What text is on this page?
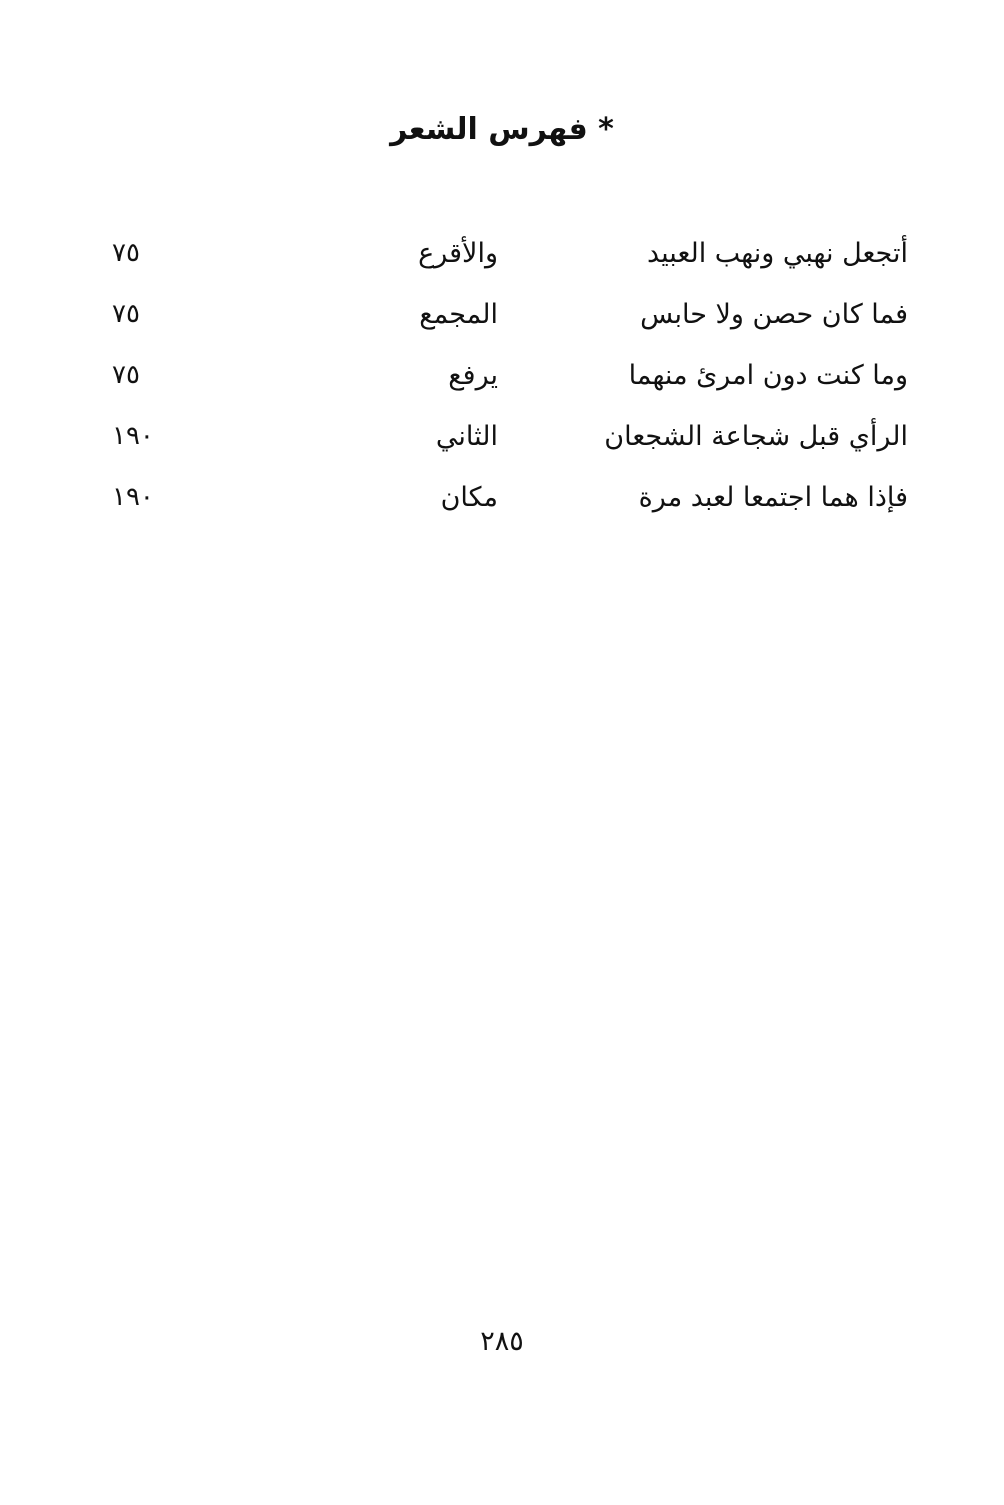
* فهرس الشعر
أتجعل نهبي ونهب العبيد
والأقرع
٧٥
فما كان حصن ولا حابس
المجمع
٧٥
وما كنت دون امرئ منهما
يرفع
٧٥
الرأي قبل شجاعة الشجعان
الثاني
١٩٠
فإذا هما اجتمعا لعبد مرة
مكان
١٩٠
٢٨٥
